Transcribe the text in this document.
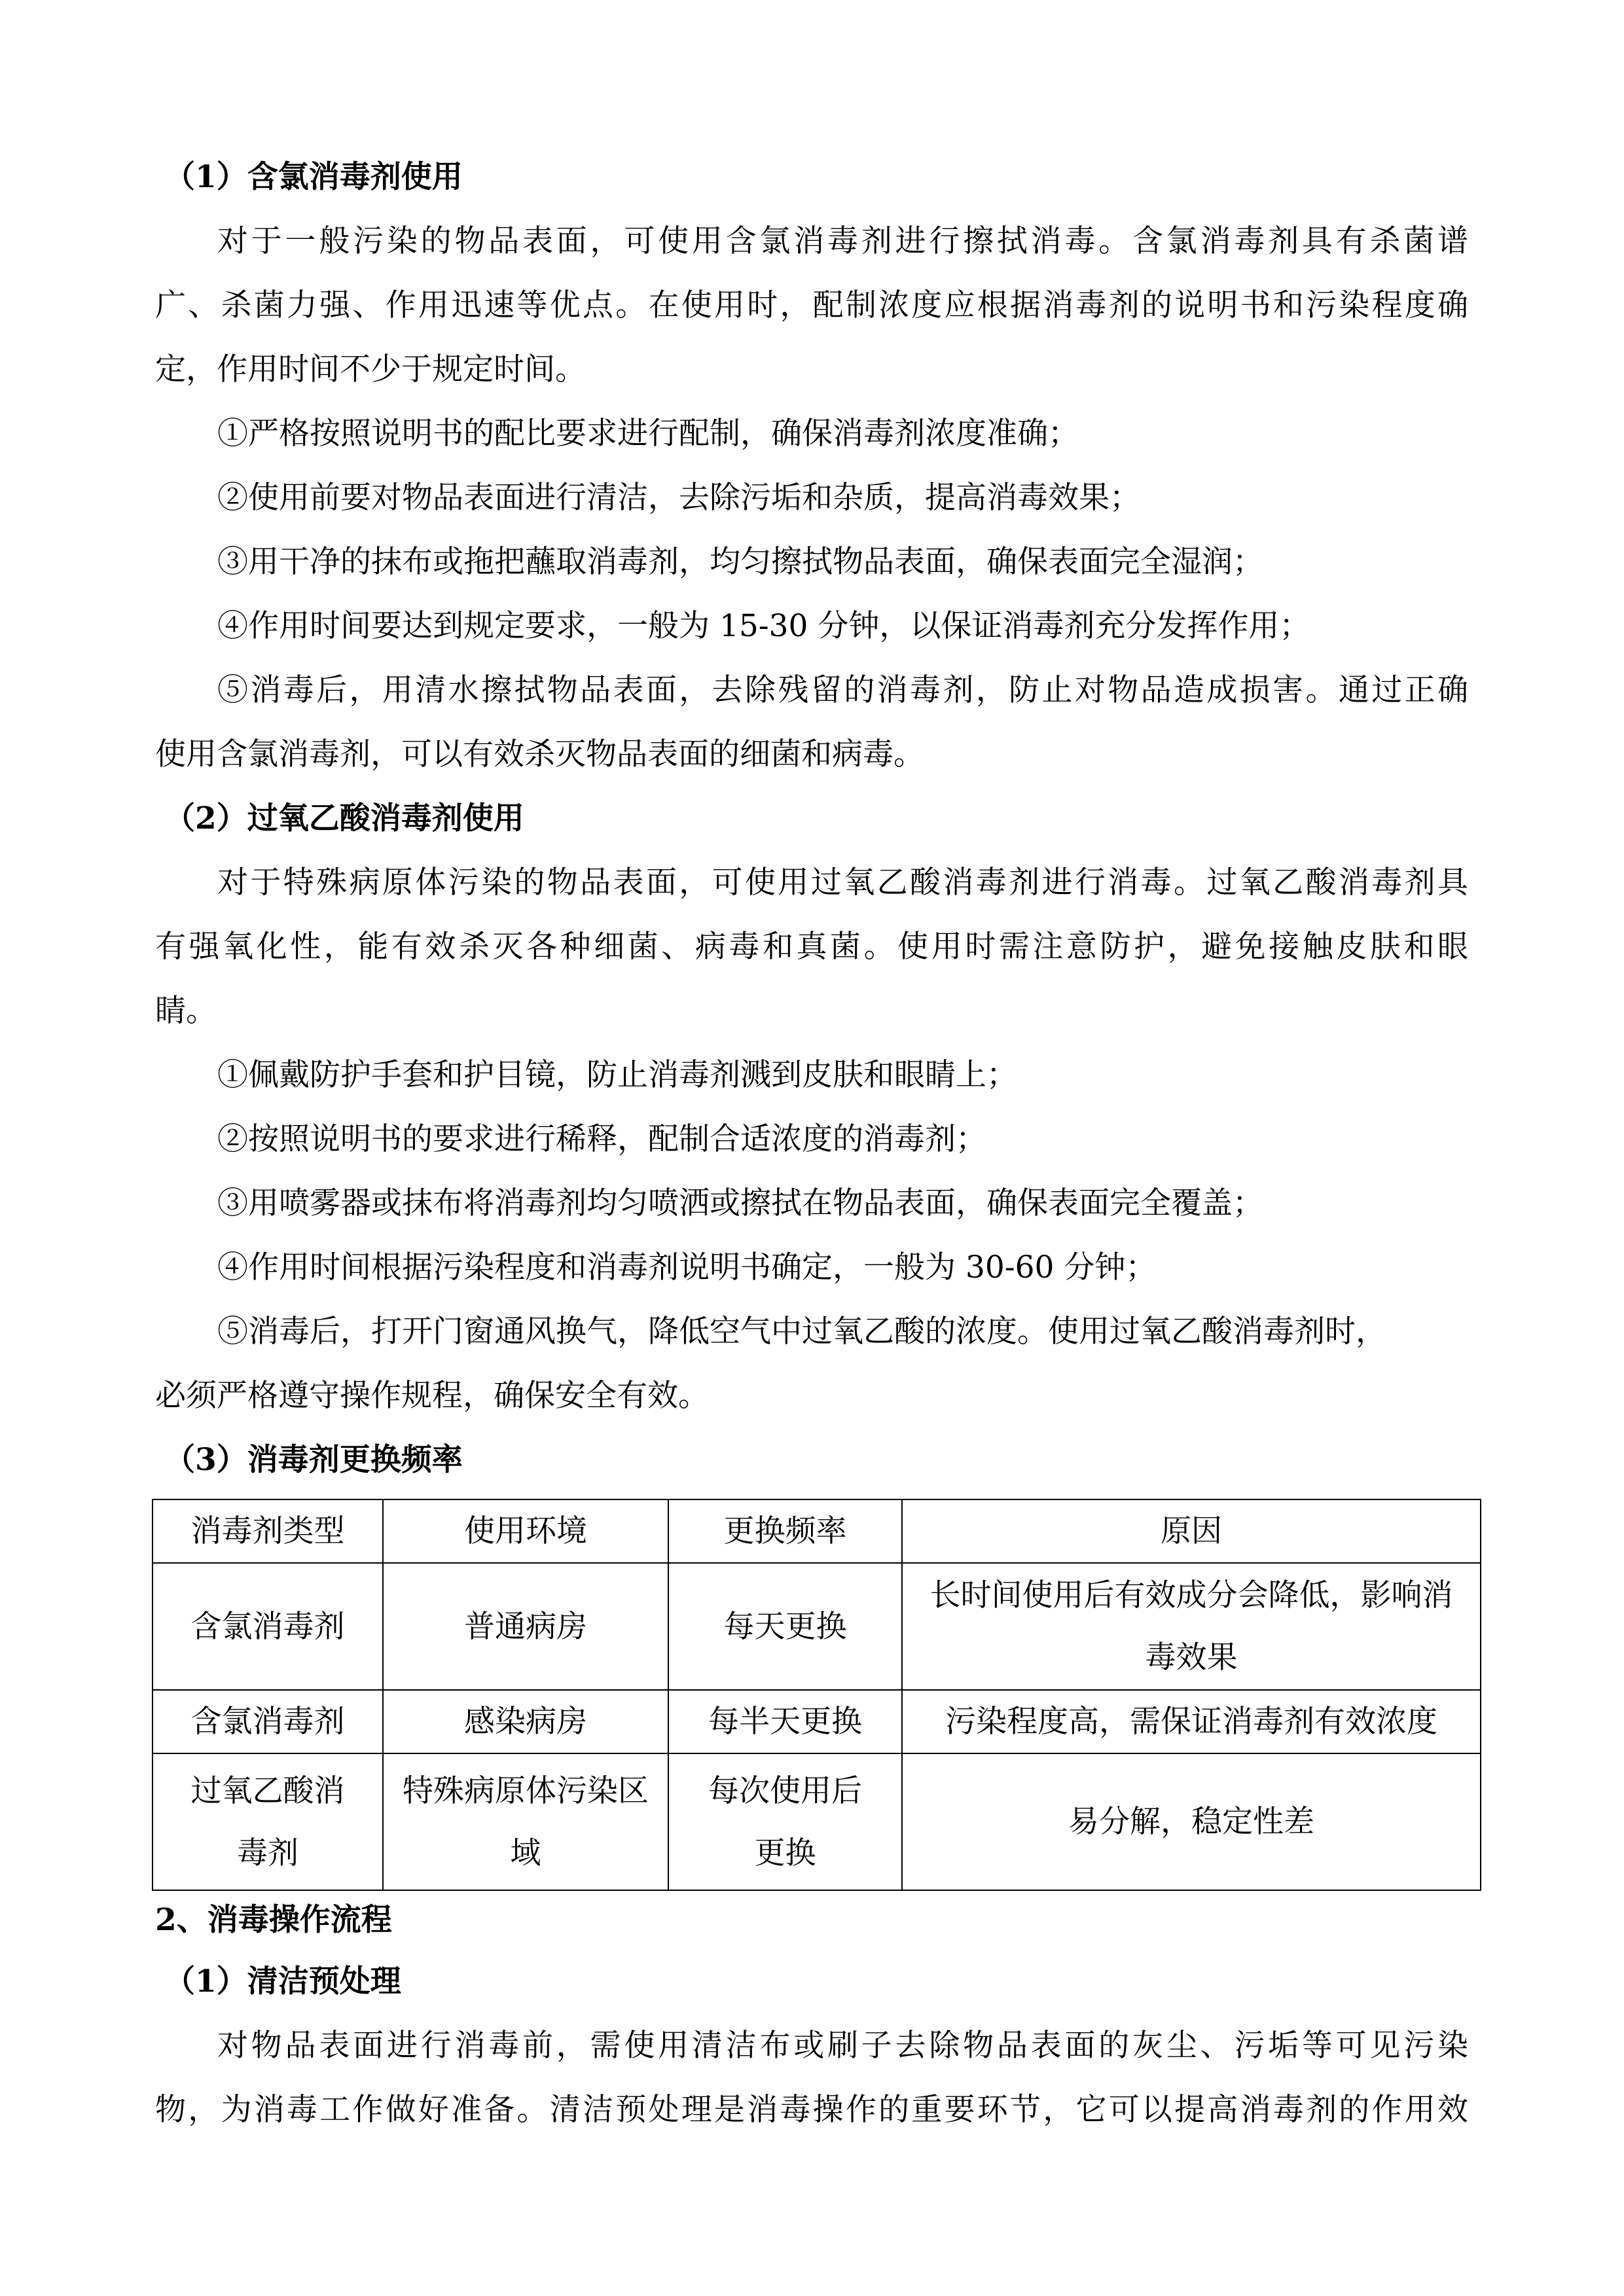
（1）含氯消毒剂使用
对于一般污染的物品表面，可使用含氯消毒剂进行擦拭消毒。含氯消毒剂具有杀菌谱
广、杀菌力强、作用迅速等优点。在使用时，配制浓度应根据消毒剂的说明书和污染程度确
定，作用时间不少于规定时间。
①严格按照说明书的配比要求进行配制，确保消毒剂浓度准确；
②使用前要对物品表面进行清洁，去除污垢和杂质，提高消毒效果；
③用干净的抹布或拖把蘸取消毒剂，均匀擦拭物品表面，确保表面完全湿润；
④作用时间要达到规定要求，一般为 15-30 分钟，以保证消毒剂充分发挥作用；
⑤消毒后，用清水擦拭物品表面，去除残留的消毒剂，防止对物品造成损害。通过正确
使用含氯消毒剂，可以有效杀灭物品表面的细菌和病毒。
（2）过氧乙酸消毒剂使用
对于特殊病原体污染的物品表面，可使用过氧乙酸消毒剂进行消毒。过氧乙酸消毒剂具
有强氧化性，能有效杀灭各种细菌、病毒和真菌。使用时需注意防护，避免接触皮肤和眼
睛。
①佩戴防护手套和护目镜，防止消毒剂溅到皮肤和眼睛上；
②按照说明书的要求进行稀释，配制合适浓度的消毒剂；
③用喷雾器或抹布将消毒剂均匀喷洒或擦拭在物品表面，确保表面完全覆盖；
④作用时间根据污染程度和消毒剂说明书确定，一般为 30-60 分钟；
⑤消毒后，打开门窗通风换气，降低空气中过氧乙酸的浓度。使用过氧乙酸消毒剂时，
必须严格遵守操作规程，确保安全有效。
（3）消毒剂更换频率
消毒剂类型	使用环境	更换频率	原因
含氯消毒剂	普通病房	每天更换	长时间使用后有效成分会降低，影响消毒效果
含氯消毒剂	感染病房	每半天更换	污染程度高，需保证消毒剂有效浓度
过氧乙酸消毒剂	特殊病原体污染区域	每次使用后更换	易分解，稳定性差
2、消毒操作流程
（1）清洁预处理
对物品表面进行消毒前，需使用清洁布或刷子去除物品表面的灰尘、污垢等可见污染
物，为消毒工作做好准备。清洁预处理是消毒操作的重要环节，它可以提高消毒剂的作用效
